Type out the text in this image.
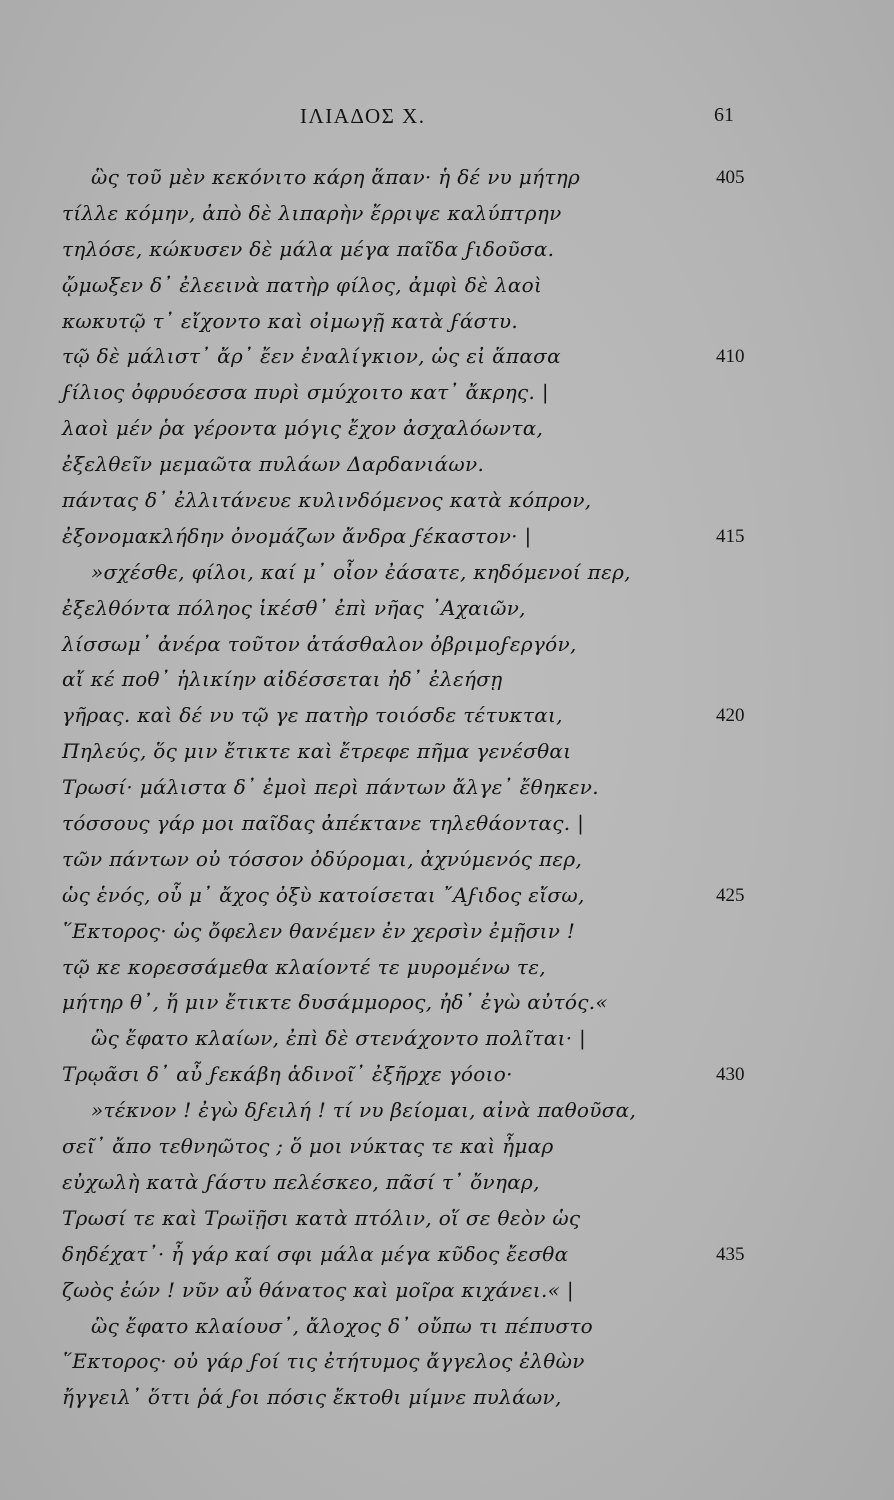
ΙΛΙΑΔΟΣ Χ.	61
ὣς τοῦ μὲν κεκόνιτο κάρη ἅπαν· ἡ δέ νυ μήτηρ	405
τίλλε κόμην, ἀπὸ δὲ λιπαρὴν ἔρριψε καλύπτρην
τηλόσε, κώκυσεν δὲ μάλα μέγα παῖδα ϝιδοῦσα.
ᾤμωξεν δ᾽ ἐλεεινὰ πατὴρ φίλος, ἀμφὶ δὲ λαοὶ
κωκυτῷ τ᾽ εἴχοντο καὶ οἰμωγῇ κατὰ ϝάστυ.
τῷ δὲ μάλιστ᾽ ἄρ᾽ ἔεν ἐναλίγκιον, ὡς εἰ ἅπασα	410
ϝίλιος ὀφρυόεσσα πυρὶ σμύχοιτο κατ᾽ ἄκρης. |
λαοὶ μέν ῥα γέροντα μόγις ἔχον ἀσχαλόωντα,
ἐξελθεῖν μεμαῶτα πυλάων Δαρδανιάων.
πάντας δ᾽ ἐλλιτάνευε κυλινδόμενος κατὰ κόπρον,
ἐξονομακλήδην ὀνομάζων ἄνδρα ϝέκαστον· |	415
»σχέσθε, φίλοι, καί μ᾽ οἶον ἐάσατε, κηδόμενοί περ,
ἐξελθόντα πόληος ἱκέσθ᾽ ἐπὶ νῆας ᾽Αχαιῶν,
λίσσωμ᾽ ἀνέρα τοῦτον ἀτάσθαλον ὀβριμοϝεργόν,
αἴ κέ ποθ᾽ ἡλικίην αἰδέσσεται ἠδ᾽ ἐλεήσῃ
γῆρας. καὶ δέ νυ τῷ γε πατὴρ τοιόσδε τέτυκται,	420
Πηλεύς, ὅς μιν ἔτικτε καὶ ἔτρεφε πῆμα γενέσθαι
Τρωσί· μάλιστα δ᾽ ἐμοὶ περὶ πάντων ἄλγε᾽ ἔθηκεν.
τόσσους γάρ μοι παῖδας ἀπέκτανε τηλεθάοντας. |
τῶν πάντων οὐ τόσσον ὀδύρομαι, ἀχνύμενός περ,
ὡς ἑνός, οὗ μ᾽ ἄχος ὀξὺ κατοίσεται ῎Αϝιδος εἴσω,	425
῞Εκτορος· ὡς ὄφελεν θανέμεν ἐν χερσὶν ἐμῇσιν !
τῷ κε κορεσσάμεθα κλαίοντέ τε μυρομένω τε,
μήτηρ θ᾽, ἥ μιν ἔτικτε δυσάμμορος, ἠδ᾽ ἐγὼ αὐτός.«
ὣς ἔφατο κλαίων, ἐπὶ δὲ στενάχοντο πολῖται· |
Τρῳᾶσι δ᾽ αὖ ϝεκάβη ἁδινοῖ᾽ ἐξῆρχε γόοιο·	430
»τέκνον ! ἐγὼ δϝειλή ! τί νυ βείομαι, αἰνὰ παθοῦσα,
σεῖ᾽ ἄπο τεθνηῶτος ; ὅ μοι νύκτας τε καὶ ἦμαρ
εὐχωλὴ κατὰ ϝάστυ πελέσκεο, πᾶσί τ᾽ ὄνηαρ,
Τρωσί τε καὶ Τρωϊῇσι κατὰ πτόλιν, οἵ σε θεὸν ὡς
δηδέχατ᾽· ἦ γάρ καί σφι μάλα μέγα κῦδος ἔεσθα	435
ζωὸς ἐών ! νῦν αὖ θάνατος καὶ μοῖρα κιχάνει.« |
ὣς ἔφατο κλαίουσ᾽, ἄλοχος δ᾽ οὔπω τι πέπυστο
῞Εκτορος· οὐ γάρ ϝοί τις ἐτήτυμος ἄγγελος ἐλθὼν
ἤγγειλ᾽ ὅττι ῥά ϝοι πόσις ἔκτοθι μίμνε πυλάων,
